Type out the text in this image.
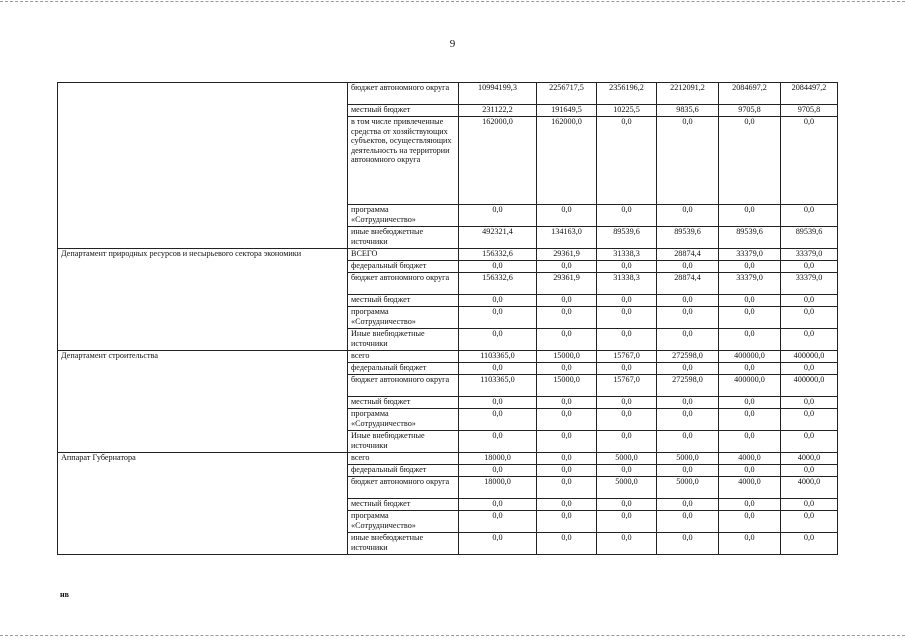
9
	бюджет автономного округа	10994199,3	2256717,5	2356196,2	2212091,2	2084697,2	2084497,2
	местный бюджет	231122,2	191649,5	10225,5	9835,6	9705,8	9705,8
	в том числе привлеченные средства от хозяйствующих субъектов, осуществляющих деятельность на территории автономного округа	162000,0	162000,0	0,0	0,0	0,0	0,0
	программа «Сотрудничество»	0,0	0,0	0,0	0,0	0,0	0,0
	иные внебюджетные источники	492321,4	134163,0	89539,6	89539,6	89539,6	89539,6
Департамент природных ресурсов и несырьевого сектора экономики	ВСЕГО	156332,6	29361,9	31338,3	28874,4	33379,0	33379,0
	федеральный бюджет	0,0	0,0	0,0	0,0	0,0	0,0
	бюджет автономного округа	156332,6	29361,9	31338,3	28874,4	33379,0	33379,0
	местный бюджет	0,0	0,0	0,0	0,0	0,0	0,0
	программа «Сотрудничество»	0,0	0,0	0,0	0,0	0,0	0,0
	Иные внебюджетные источники	0,0	0,0	0,0	0,0	0,0	0,0
Департамент строительства	всего	1103365,0	15000,0	15767,0	272598,0	400000,0	400000,0
	федеральный бюджет	0,0	0,0	0,0	0,0	0,0	0,0
	бюджет автономного округа	1103365,0	15000,0	15767,0	272598,0	400000,0	400000,0
	местный бюджет	0,0	0,0	0,0	0,0	0,0	0,0
	программа «Сотрудничество»	0,0	0,0	0,0	0,0	0,0	0,0
	Иные внебюджетные источники	0,0	0,0	0,0	0,0	0,0	0,0
Аппарат Губернатора	всего	18000,0	0,0	5000,0	5000,0	4000,0	4000,0
	федеральный бюджет	0,0	0,0	0,0	0,0	0,0	0,0
	бюджет автономного округа	18000,0	0,0	5000,0	5000,0	4000,0	4000,0
	местный бюджет	0,0	0,0	0,0	0,0	0,0	0,0
	программа «Сотрудничество»	0,0	0,0	0,0	0,0	0,0	0,0
	иные внебюджетные источники	0,0	0,0	0,0	0,0	0,0	0,0
нв
